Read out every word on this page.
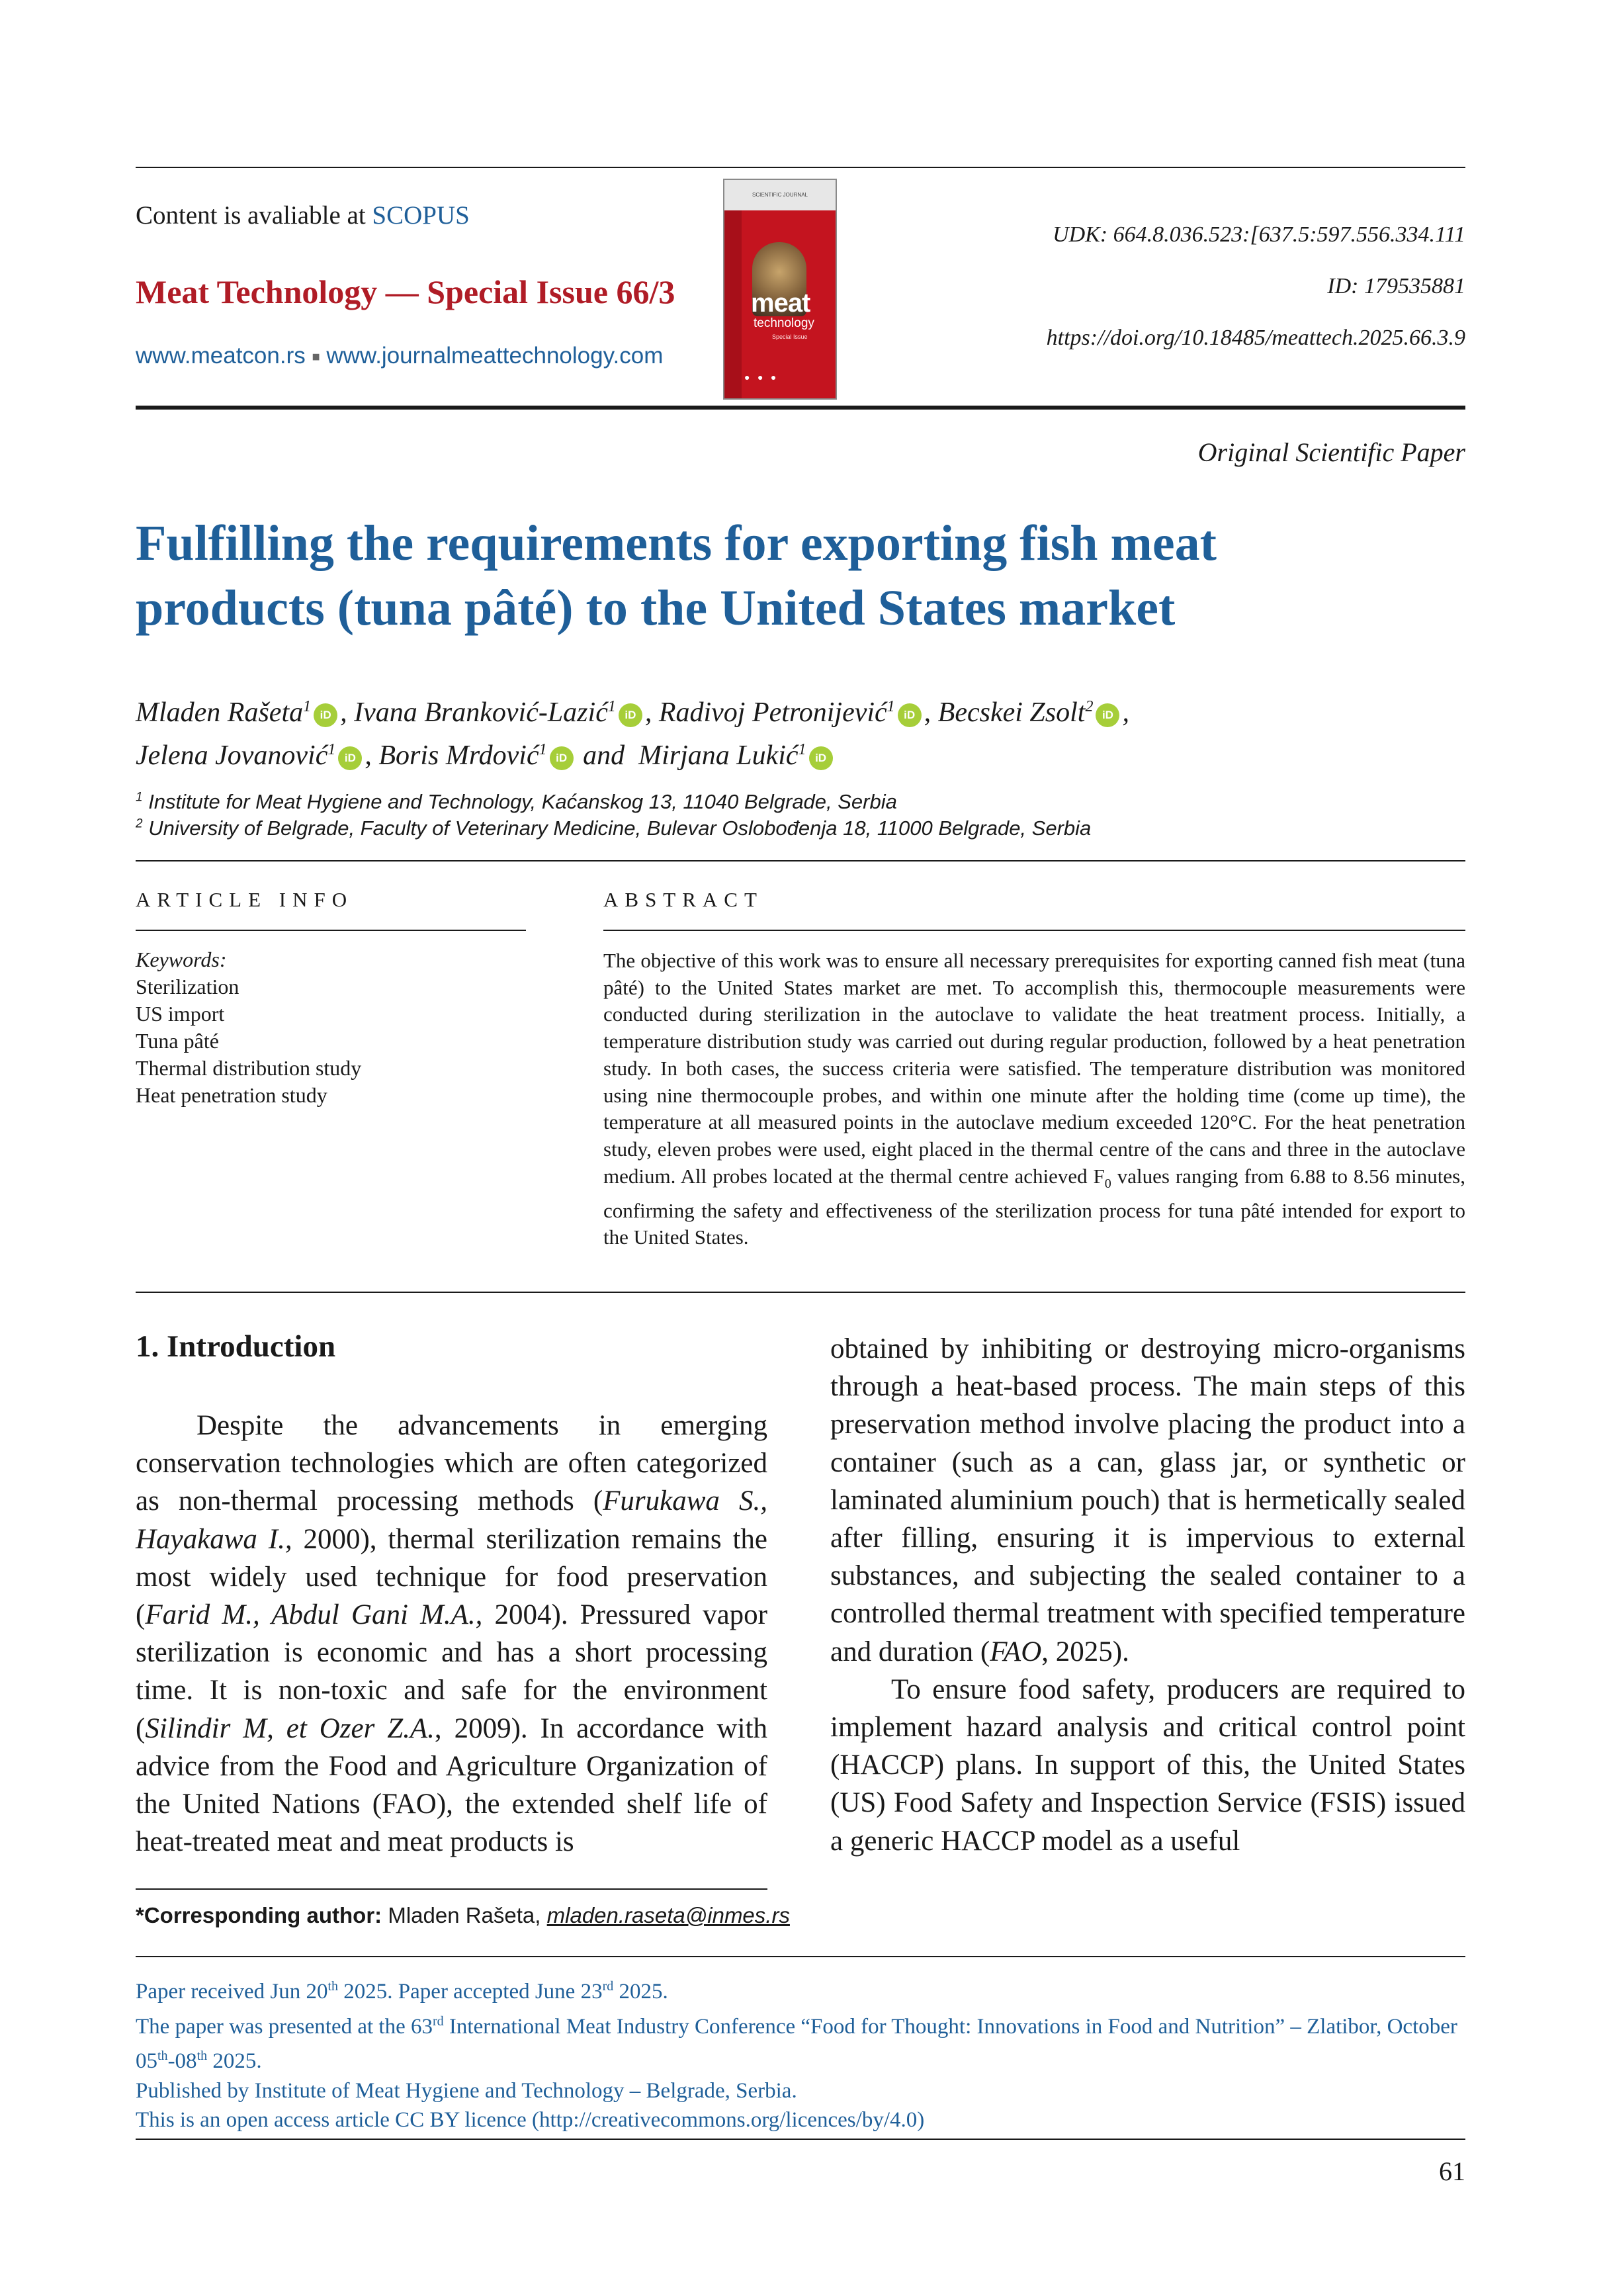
Content is avaliable at SCOPUS
Meat Technology — Special Issue 66/3
www.meatcon.rs ■ www.journalmeattechnology.com
SCIENTIFIC JOURNAL
meat
technology
Special Issue
● ● ●
UDK: 664.8.036.523:[637.5:597.556.334.111
ID: 179535881
https://doi.org/10.18485/meattech.2025.66.3.9
Original Scientific Paper
Fulfilling the requirements for exporting fish meat products (tuna pâté) to the United States market
Mladen Rašeta$^1$ iD , Ivana Branković-Lazić$^1$ iD , Radivoj Petronijević$^1$ iD , Becskei Zsolt$^2$ iD ,
Jelena Jovanović$^1$ iD , Boris Mrdović$^1$ iD and  Mirjana Lukić$^1$ iD
$^1$ Institute for Meat Hygiene and Technology, Kaćanskog 13, 11040 Belgrade, Serbia
$^2$ University of Belgrade, Faculty of Veterinary Medicine, Bulevar Oslobođenja 18, 11000 Belgrade, Serbia
ARTICLE INFO	ABSTRACT
Keywords:
Sterilization
US import
Tuna pâté
Thermal distribution study
Heat penetration study
The objective of this work was to ensure all necessary prerequisites for exporting canned fish meat (tuna pâté) to the United States market are met. To accomplish this, thermocouple measurements were conducted during sterilization in the autoclave to validate the heat treatment process. Initially, a temperature distribution study was carried out during regular production, followed by a heat penetration study. In both cases, the success criteria were satisfied. The temperature distribution was monitored using nine thermocouple probes, and within one minute after the holding time (come up time), the temperature at all measured points in the autoclave medium exceeded 120°C. For the heat penetration study, eleven probes were used, eight placed in the thermal centre of the cans and three in the autoclave medium. All probes located at the thermal centre achieved $F_0$ values ranging from 6.88 to 8.56 minutes, confirming the safety and effectiveness of the sterilization process for tuna pâté intended for export to the United States.
1. Introduction

Despite the advancements in emerging conservation technologies which are often categorized as non-thermal processing methods (Furukawa S., Hayakawa I., 2000), thermal sterilization remains the most widely used technique for food preservation (Farid M., Abdul Gani M.A., 2004). Pressured vapor sterilization is economic and has a short processing time. It is non-toxic and safe for the environment (Silindir M, et Ozer Z.A., 2009). In accordance with advice from the Food and Agriculture Organization of the United Nations (FAO), the extended shelf life of heat-treated meat and meat products is

obtained by inhibiting or destroying micro-organisms through a heat-based process. The main steps of this preservation method involve placing the product into a container (such as a can, glass jar, or synthetic or laminated aluminium pouch) that is hermetically sealed after filling, ensuring it is impervious to external substances, and subjecting the sealed container to a controlled thermal treatment with specified temperature and duration (FAO, 2025).

To ensure food safety, producers are required to implement hazard analysis and critical control point (HACCP) plans. In support of this, the United States (US) Food Safety and Inspection Service (FSIS) issued a generic HACCP model as a useful

*Corresponding author: Mladen Rašeta, mladen.raseta@inmes.rs
Paper received Jun 20th 2025. Paper accepted June 23rd 2025.
The paper was presented at the 63rd International Meat Industry Conference “Food for Thought: Innovations in Food and Nutrition” – Zlatibor, October 05th-08th 2025.
Published by Institute of Meat Hygiene and Technology – Belgrade, Serbia.
This is an open access article CC BY licence (http://creativecommons.org/licences/by/4.0)
61
